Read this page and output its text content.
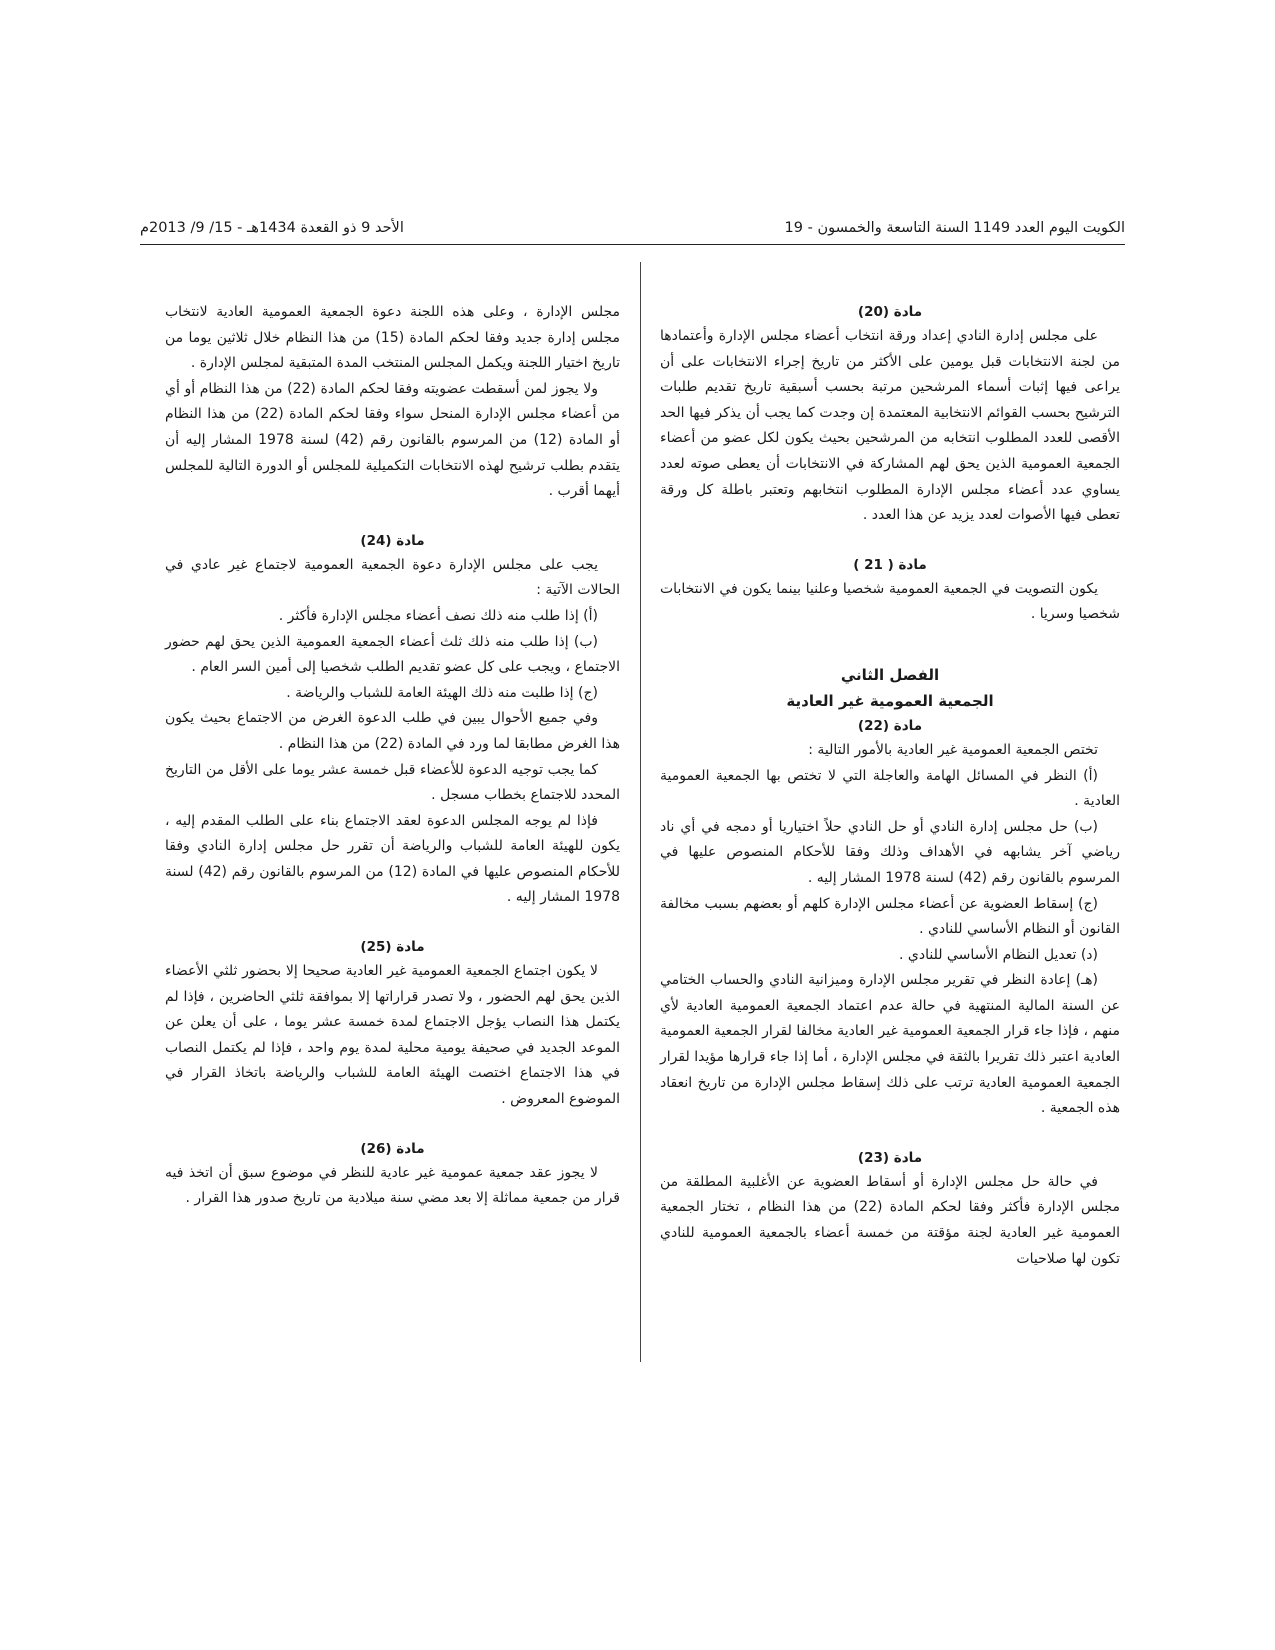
الكويت اليوم العدد 1149 السنة التاسعة والخمسون - 19
الأحد 9 ذو القعدة 1434هـ - 15/ 9/ 2013م

مادة (20)

على مجلس إدارة النادي إعداد ورقة انتخاب أعضاء مجلس الإدارة وأعتمادها من لجنة الانتخابات قبل يومين على الأكثر من تاريخ إجراء الانتخابات على أن يراعى فيها إثبات أسماء المرشحين مرتبة بحسب أسبقية تاريخ تقديم طلبات الترشيح بحسب القوائم الانتخابية المعتمدة إن وجدت كما يجب أن يذكر فيها الحد الأقصى للعدد المطلوب انتخابه من المرشحين بحيث يكون لكل عضو من أعضاء الجمعية العمومية الذين يحق لهم المشاركة في الانتخابات أن يعطى صوته لعدد يساوي عدد أعضاء مجلس الإدارة المطلوب انتخابهم وتعتبر باطلة كل ورقة تعطى فيها الأصوات لعدد يزيد عن هذا العدد .

مادة ( 21 )

يكون التصويت في الجمعية العمومية شخصيا وعلنيا بينما يكون في الانتخابات شخصيا وسريا .

الفصل الثاني

الجمعية العمومية غير العادية

مادة (22)

تختص الجمعية العمومية غير العادية بالأمور التالية :

(أ) النظر في المسائل الهامة والعاجلة التي لا تختص بها الجمعية العمومية العادية .

(ب) حل مجلس إدارة النادي أو حل النادي حلاً اختياريا أو دمجه في أي ناد رياضي آخر يشابهه في الأهداف وذلك وفقا للأحكام المنصوص عليها في المرسوم بالقانون رقم (42) لسنة 1978 المشار إليه .

(ج) إسقاط العضوية عن أعضاء مجلس الإدارة كلهم أو بعضهم بسبب مخالفة القانون أو النظام الأساسي للنادي .

(د) تعديل النظام الأساسي للنادي .

(هـ) إعادة النظر في تقرير مجلس الإدارة وميزانية النادي والحساب الختامي عن السنة المالية المنتهية في حالة عدم اعتماد الجمعية العمومية العادية لأي منهم ، فإذا جاء قرار الجمعية العمومية غير العادية مخالفا لقرار الجمعية العمومية العادية اعتبر ذلك تقريرا بالثقة في مجلس الإدارة ، أما إذا جاء قرارها مؤيدا لقرار الجمعية العمومية العادية ترتب على ذلك إسقاط مجلس الإدارة من تاريخ انعقاد هذه الجمعية .

مادة (23)

في حالة حل مجلس الإدارة أو أسقاط العضوية عن الأغلبية المطلقة من مجلس الإدارة فأكثر وفقا لحكم المادة (22) من هذا النظام ، تختار الجمعية العمومية غير العادية لجنة مؤقتة من خمسة أعضاء بالجمعية العمومية للنادي تكون لها صلاحيات

مجلس الإدارة ، وعلى هذه اللجنة دعوة الجمعية العمومية العادية لانتخاب مجلس إدارة جديد وفقا لحكم المادة (15) من هذا النظام خلال ثلاثين يوما من تاريخ اختيار اللجنة ويكمل المجلس المنتخب المدة المتبقية لمجلس الإدارة .

ولا يجوز لمن أسقطت عضويته وفقا لحكم المادة (22) من هذا النظام أو أي من أعضاء مجلس الإدارة المنحل سواء وفقا لحكم المادة (22) من هذا النظام أو المادة (12) من المرسوم بالقانون رقم (42) لسنة 1978 المشار إليه أن يتقدم بطلب ترشيح لهذه الانتخابات التكميلية للمجلس أو الدورة التالية للمجلس أيهما أقرب .

مادة (24)

يجب على مجلس الإدارة دعوة الجمعية العمومية لاجتماع غير عادي في الحالات الآتية :

(أ) إذا طلب منه ذلك نصف أعضاء مجلس الإدارة فأكثر .

(ب) إذا طلب منه ذلك ثلث أعضاء الجمعية العمومية الذين يحق لهم حضور الاجتماع ، ويجب على كل عضو تقديم الطلب شخصيا إلى أمين السر العام .

(ج) إذا طلبت منه ذلك الهيئة العامة للشباب والرياضة .

وفي جميع الأحوال يبين في طلب الدعوة الغرض من الاجتماع بحيث يكون هذا الغرض مطابقا لما ورد في المادة (22) من هذا النظام .

كما يجب توجيه الدعوة للأعضاء قبل خمسة عشر يوما على الأقل من التاريخ المحدد للاجتماع بخطاب مسجل .

فإذا لم يوجه المجلس الدعوة لعقد الاجتماع بناء على الطلب المقدم إليه ، يكون للهيئة العامة للشباب والرياضة أن تقرر حل مجلس إدارة النادي وفقا للأحكام المنصوص عليها في المادة (12) من المرسوم بالقانون رقم (42) لسنة 1978 المشار إليه .

مادة (25)

لا يكون اجتماع الجمعية العمومية غير العادية صحيحا إلا بحضور ثلثي الأعضاء الذين يحق لهم الحضور ، ولا تصدر قراراتها إلا بموافقة ثلثي الحاضرين ، فإذا لم يكتمل هذا النصاب يؤجل الاجتماع لمدة خمسة عشر يوما ، على أن يعلن عن الموعد الجديد في صحيفة يومية محلية لمدة يوم واحد ، فإذا لم يكتمل النصاب في هذا الاجتماع اختصت الهيئة العامة للشباب والرياضة باتخاذ القرار في الموضوع المعروض .

مادة (26)

لا يجوز عقد جمعية عمومية غير عادية للنظر في موضوع سبق أن اتخذ فيه قرار من جمعية مماثلة إلا بعد مضي سنة ميلادية من تاريخ صدور هذا القرار .
